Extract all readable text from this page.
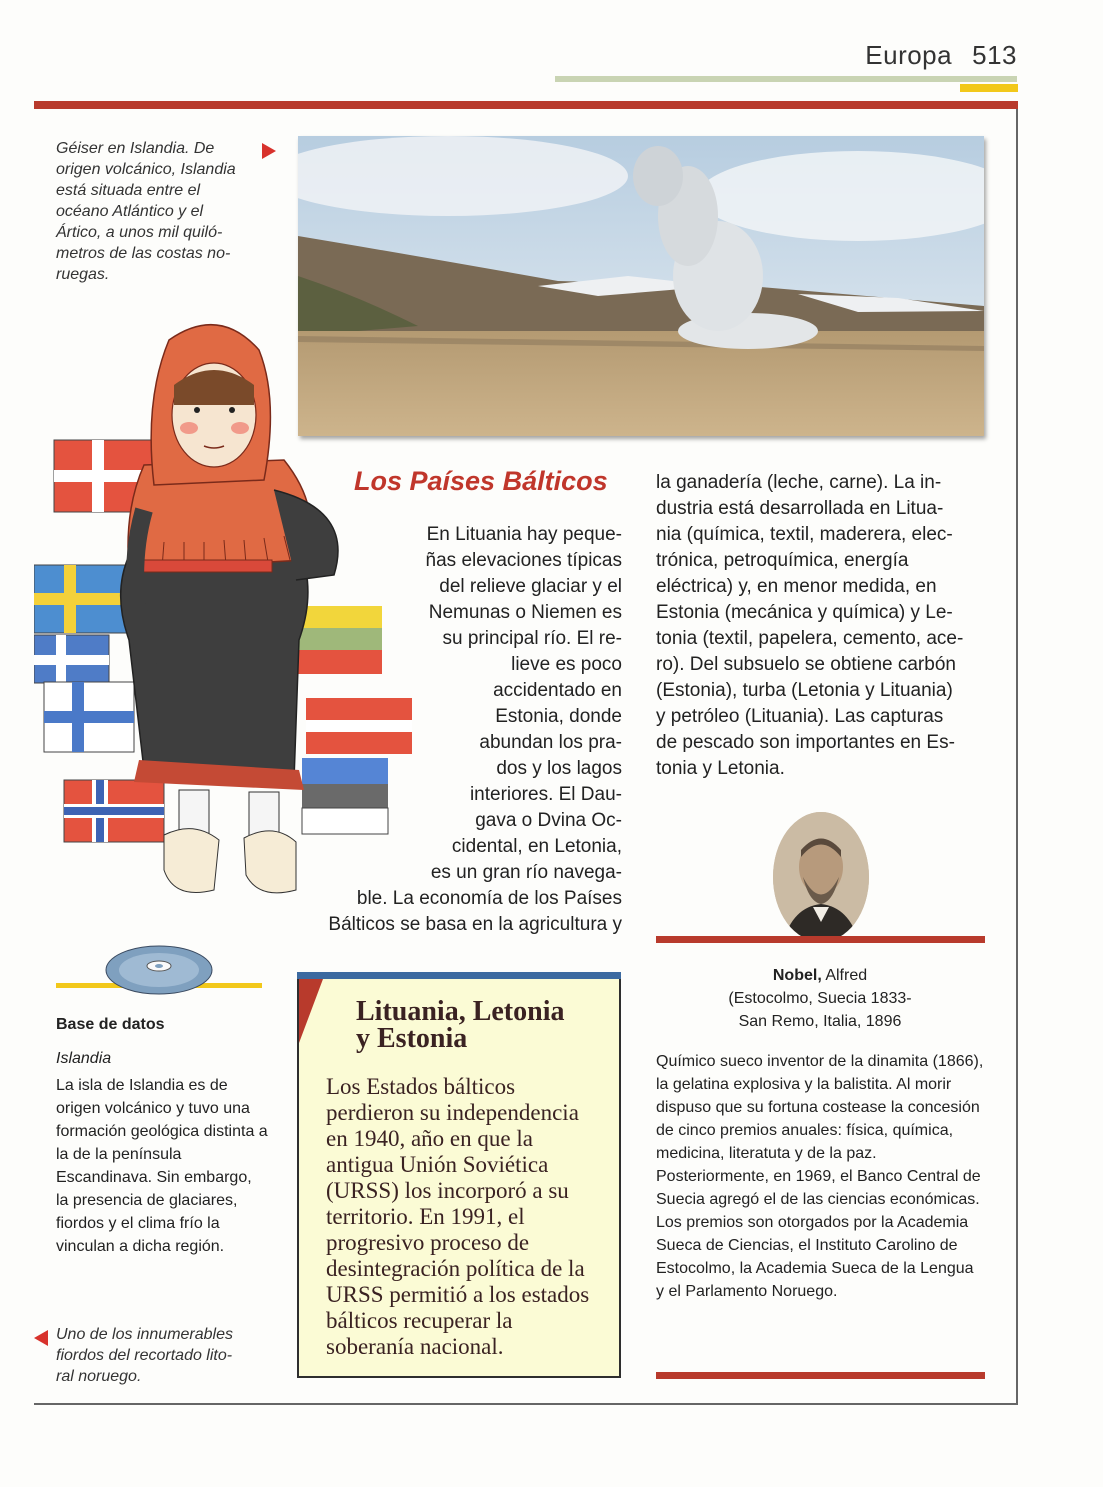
Europa 513
Géiser en Islandia. De
origen volcánico, Islandia
está situada entre el
océano Atlántico y el
Ártico, a unos mil quiló-
metros de las costas no-
ruegas.
Los Países Bálticos
En Lituania hay peque-
ñas elevaciones típicas
del relieve glaciar y el
Nemunas o Niemen es
su principal río. El re-
lieve es poco
accidentado en
Estonia, donde
abundan los pra-
dos y los lagos
interiores. El Dau-
gava o Dvina Oc-
cidental, en Letonia,
es un gran río navega-
ble. La economía de los Países
Bálticos se basa en la agricultura y
la ganadería (leche, carne). La in-
dustria está desarrollada en Litua-
nia (química, textil, maderera, elec-
trónica, petroquímica, energía
eléctrica) y, en menor medida, en
Estonia (mecánica y química) y Le-
tonia (textil, papelera, cemento, ace-
ro). Del subsuelo se obtiene carbón
(Estonia), turba (Letonia y Lituania)
y petróleo (Lituania). Las capturas
de pescado son importantes en Es-
tonia y Letonia.
Nobel, Alfred
(Estocolmo, Suecia 1833-
San Remo, Italia, 1896
Químico sueco inventor de la dinamita (1866), la gelatina explosiva y la balistita. Al morir dispuso que su fortuna costease la concesión de cinco premios anuales: física, química, medicina, literatuta y de la paz. Posteriormente, en 1969, el Banco Central de Suecia agregó el de las ciencias económicas. Los premios son otorgados por la Academia Sueca de Ciencias, el Instituto Carolino de Estocolmo, la Academia Sueca de la Lengua y el Parlamento Noruego.
Base de datos
Islandia
La isla de Islandia es de origen volcánico y tuvo una formación geológica distinta a la de la península Escandinava. Sin embargo, la presencia de glaciares, fiordos y el clima frío la vinculan a dicha región.
Uno de los innumerables
fiordos del recortado lito-
ral noruego.
Lituania, Letonia
y Estonia
Los Estados bálticos perdieron su independencia en 1940, año en que la antigua Unión Soviética (URSS) los incorporó a su territorio. En 1991, el progresivo proceso de desintegración política de la URSS permitió a los estados bálticos recuperar la soberanía nacional.
